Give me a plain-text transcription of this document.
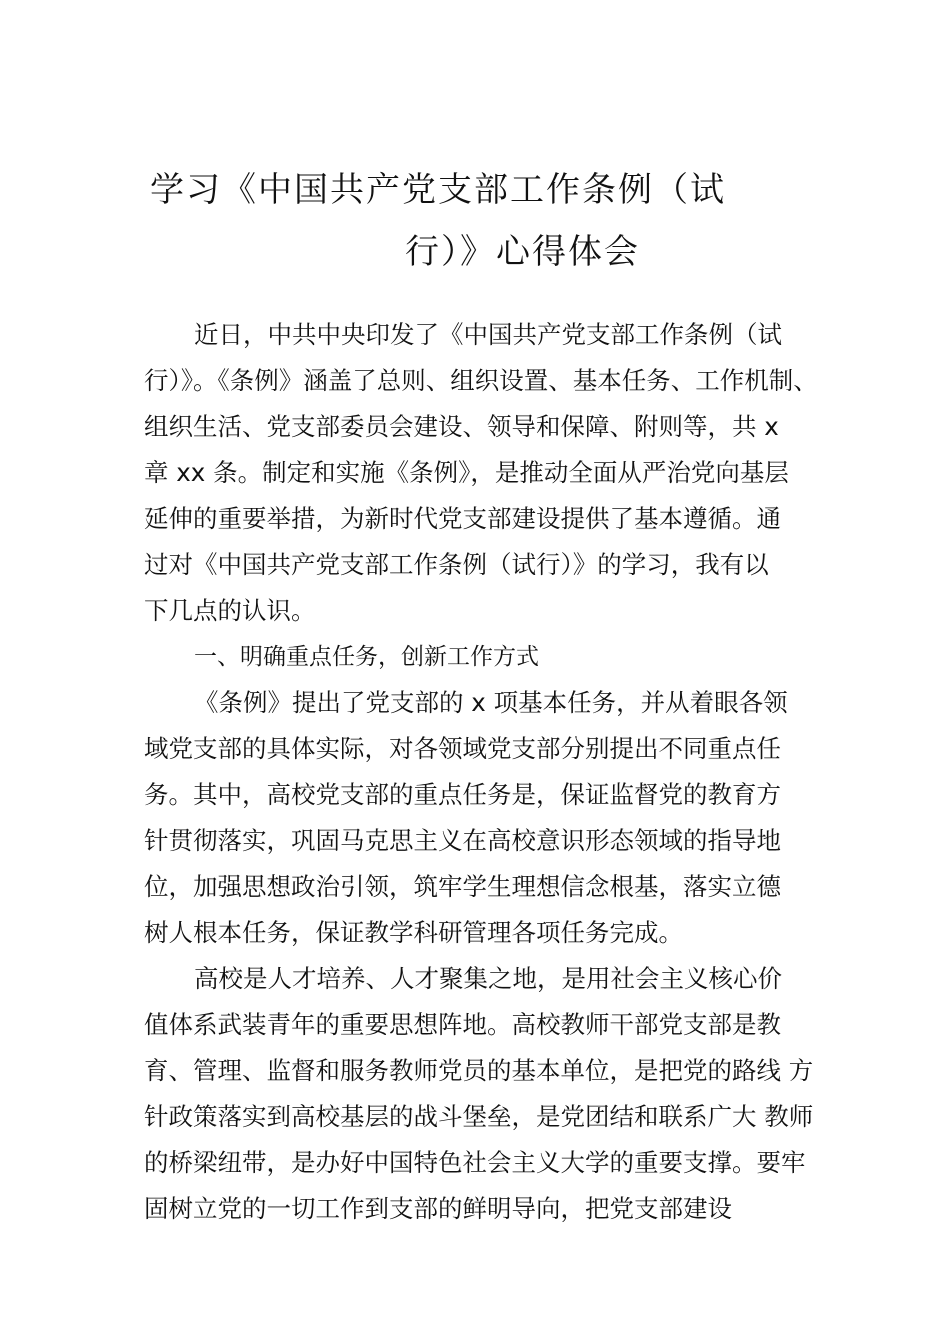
学习《中国共产党支部工作条例（试
行）》心得体会
近日，中共中央印发了《中国共产党支部工作条例（试
行）》。《条例》涵盖了总则、组织设置、基本任务、工作机制、
组织生活、党支部委员会建设、领导和保障、附则等，共 x
章 xx 条。制定和实施《条例》，是推动全面从严治党向基层
延伸的重要举措，为新时代党支部建设提供了基本遵循。通
过对《中国共产党支部工作条例（试行）》的学习，我有以
下几点的认识。
一、明确重点任务，创新工作方式
《条例》提出了党支部的 x 项基本任务，并从着眼各领
域党支部的具体实际，对各领域党支部分别提出不同重点任
务。其中，高校党支部的重点任务是，保证监督党的教育方
针贯彻落实，巩固马克思主义在高校意识形态领域的指导地
位，加强思想政治引领，筑牢学生理想信念根基，落实立德
树人根本任务，保证教学科研管理各项任务完成。
高校是人才培养、人才聚集之地，是用社会主义核心价
值体系武装青年的重要思想阵地。高校教师干部党支部是教
育、管理、监督和服务教师党员的基本单位，是把党的路线 方
针政策落实到高校基层的战斗堡垒，是党团结和联系广大 教师
的桥梁纽带，是办好中国特色社会主义大学的重要支撑。要牢
固树立党的一切工作到支部的鲜明导向，把党支部建设
